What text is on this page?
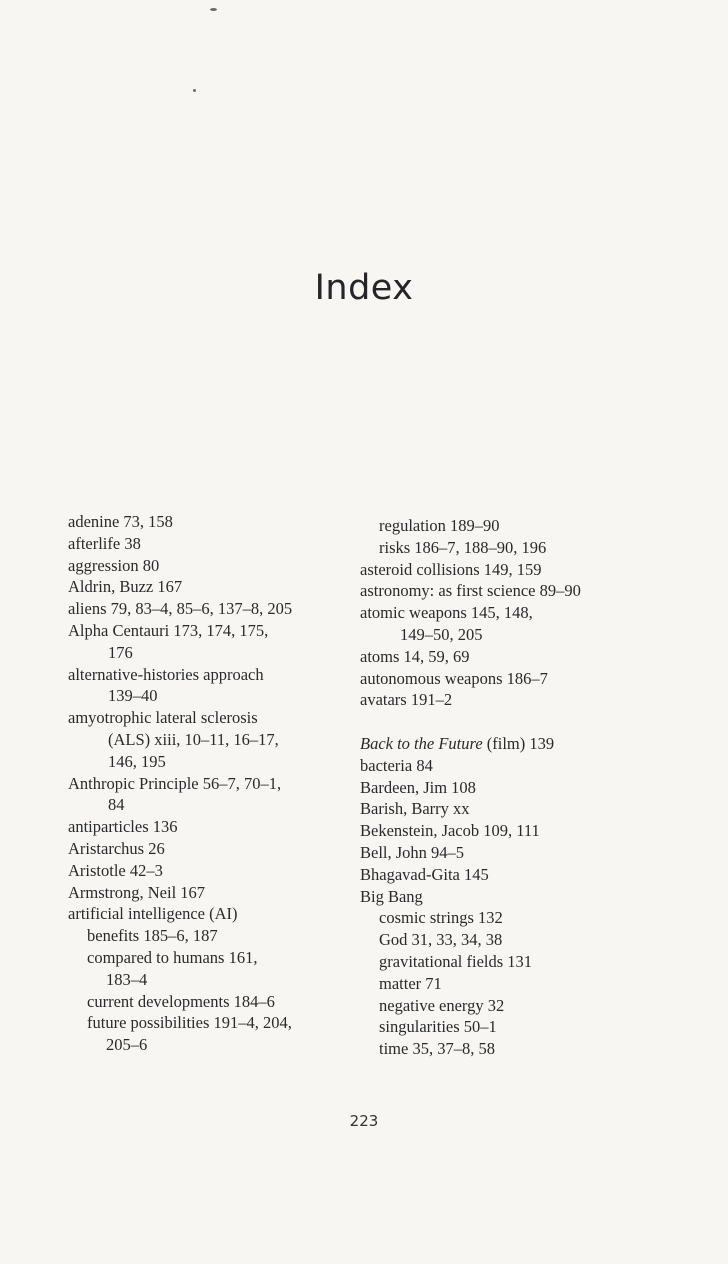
Index
adenine 73, 158
afterlife 38
aggression 80
Aldrin, Buzz 167
aliens 79, 83–4, 85–6, 137–8, 205
Alpha Centauri 173, 174, 175,
176
alternative-histories approach
139–40
amyotrophic lateral sclerosis
(ALS) xiii, 10–11, 16–17,
146, 195
Anthropic Principle 56–7, 70–1,
84
antiparticles 136
Aristarchus 26
Aristotle 42–3
Armstrong, Neil 167
artificial intelligence (AI)
benefits 185–6, 187
compared to humans 161,
183–4
current developments 184–6
future possibilities 191–4, 204,
205–6
regulation 189–90
risks 186–7, 188–90, 196
asteroid collisions 149, 159
astronomy: as first science 89–90
atomic weapons 145, 148,
149–50, 205
atoms 14, 59, 69
autonomous weapons 186–7
avatars 191–2
Back to the Future (film) 139
bacteria 84
Bardeen, Jim 108
Barish, Barry xx
Bekenstein, Jacob 109, 111
Bell, John 94–5
Bhagavad-Gita 145
Big Bang
cosmic strings 132
God 31, 33, 34, 38
gravitational fields 131
matter 71
negative energy 32
singularities 50–1
time 35, 37–8, 58
223
